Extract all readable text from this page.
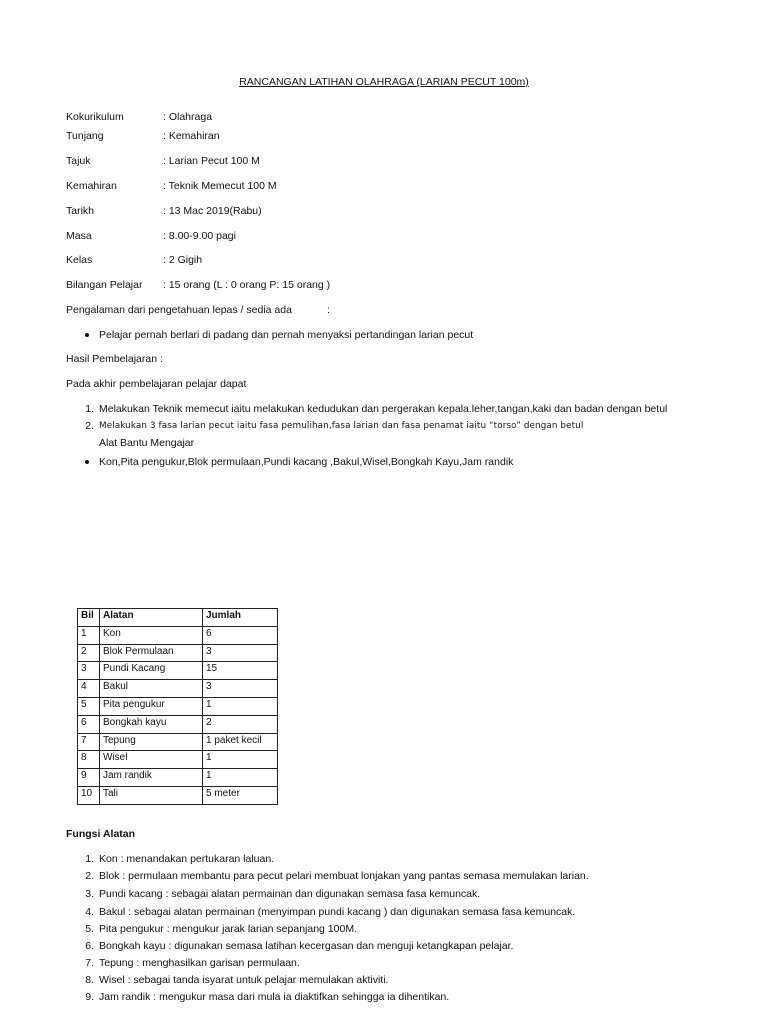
RANCANGAN LATIHAN OLAHRAGA (LARIAN PECUT 100m)
Kokurikulum	: Olahraga
Tunjang	: Kemahiran
Tajuk	: Larian Pecut 100 M
Kemahiran	: Teknik Memecut 100 M
Tarikh	: 13 Mac 2019(Rabu)
Masa	: 8.00-9.00 pagi
Kelas	: 2 Gigih
Bilangan Pelajar : 15 orang (L : 0 orang P: 15 orang )
Pengalaman dari pengetahuan lepas / sedia ada	:
Pelajar pernah berlari di padang dan pernah menyaksi pertandingan larian pecut
Hasil Pembelajaran :
Pada akhir pembelajaran pelajar dapat
1. Melakukan Teknik memecut iaitu melakukan kedudukan dan pergerakan kepala.leher,tangan,kaki dan badan dengan betul
2. Melakukan 3 fasa larian pecut iaitu fasa pemulihan,fasa larian dan fasa penamat iaitu “torso” dengan betul
Alat Bantu Mengajar
Kon,Pita pengukur,Blok permulaan,Pundi kacang ,Bakul,Wisel,Bongkah Kayu,Jam randik
Bil	Alatan	Jumlah
1	Kon	6
2	Blok Permulaan	3
3	Pundi Kacang	15
4	Bakul	3
5	Pita pengukur	1
6	Bongkah kayu	2
7	Tepung	1 paket kecil
8	Wisel	1
9	Jam randik	1
10	Tali	5 meter
Fungsi Alatan
1. Kon : menandakan pertukaran laluan.
2. Blok : permulaan membantu para pecut pelari membuat lonjakan yang pantas semasa memulakan larian.
3. Pundi kacang : sebagai alatan permainan dan digunakan semasa fasa kemuncak.
4. Bakul : sebagai alatan permainan (menyimpan pundi kacang ) dan digunakan semasa fasa kemuncak.
5. Pita pengukur : mengukur jarak larian sepanjang 100M.
6. Bongkah kayu : digunakan semasa latihan kecergasan dan menguji ketangkapan pelajar.
7. Tepung : menghasilkan garisan permulaan.
8. Wisel : sebagai tanda isyarat untuk pelajar memulakan aktiviti.
9. Jam randik : mengukur masa dari mula ia diaktifkan sehingga ia dihentikan.
